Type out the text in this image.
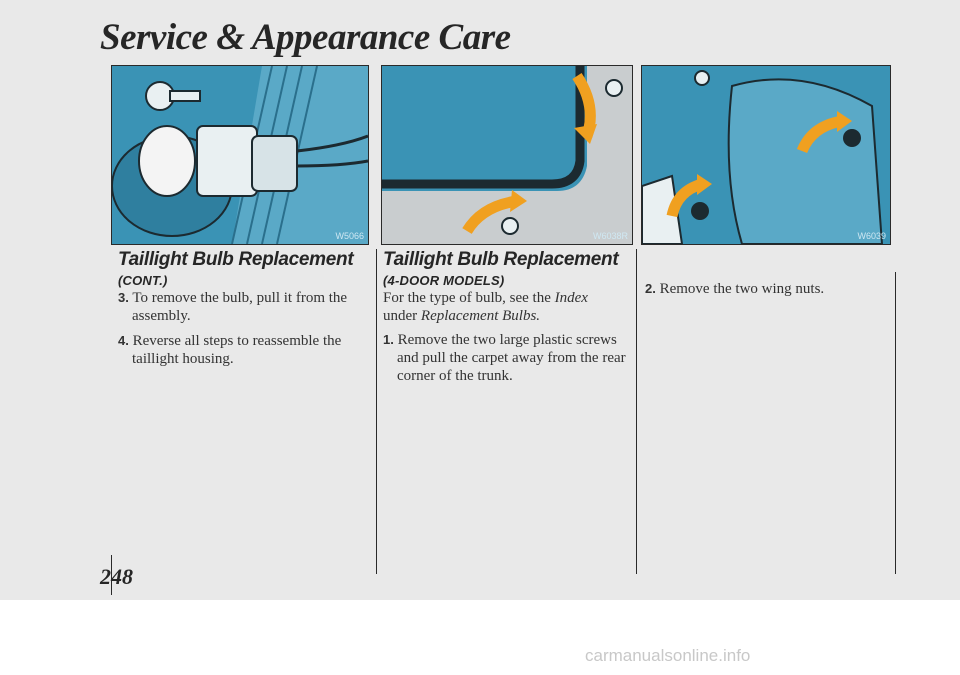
Service & Appearance Care
W5066	W6038R	W6039
Taillight Bulb Replacement
(CONT.)
3. To remove the bulb, pull it from the assembly.
4. Reverse all steps to reassemble the taillight housing.
Taillight Bulb Replacement
(4-DOOR MODELS)
For the type of bulb, see the Index
under Replacement Bulbs.
1. Remove the two large plastic screws and pull the carpet away from the rear corner of the trunk.
2. Remove the two wing nuts.
248
carmanualsonline.info
